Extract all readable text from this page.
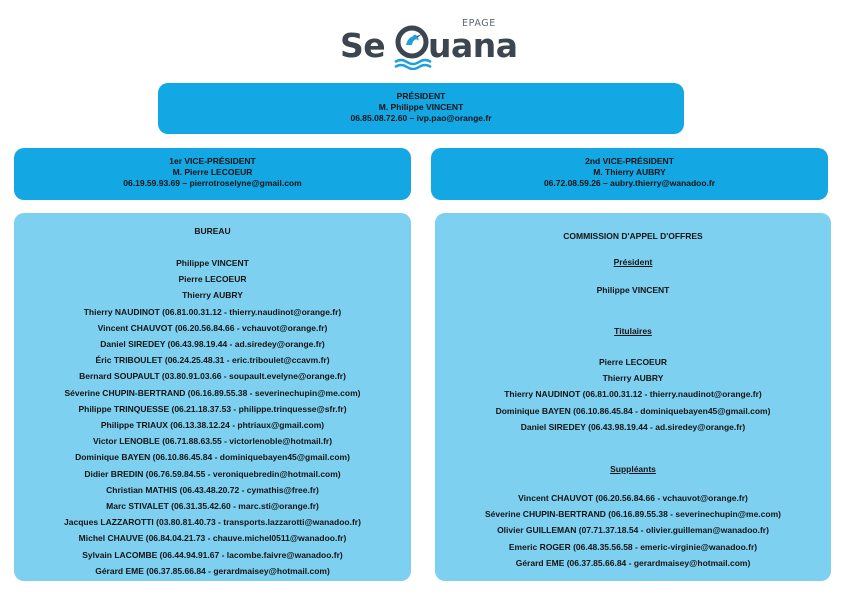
Se uana
EPAGE
PRÉSIDENT
M. Philippe VINCENT
06.85.08.72.60 – ivp.pao@orange.fr
1er VICE-PRÉSIDENT
M. Pierre LECOEUR
06.19.59.93.69 – pierrotroselyne@gmail.com
2nd VICE-PRÉSIDENT
M. Thierry AUBRY
06.72.08.59.26 – aubry.thierry@wanadoo.fr
BUREAU
Philippe VINCENT
Pierre LECOEUR
Thierry AUBRY
Thierry NAUDINOT (06.81.00.31.12 - thierry.naudinot@orange.fr)
Vincent CHAUVOT (06.20.56.84.66 - vchauvot@orange.fr)
Daniel SIREDEY (06.43.98.19.44 - ad.siredey@orange.fr)
Éric TRIBOULET (06.24.25.48.31 - eric.triboulet@ccavm.fr)
Bernard SOUPAULT (03.80.91.03.66 - soupault.evelyne@orange.fr)
Séverine CHUPIN-BERTRAND (06.16.89.55.38 - severinechupin@me.com)
Philippe TRINQUESSE (06.21.18.37.53 - philippe.trinquesse@sfr.fr)
Philippe TRIAUX (06.13.38.12.24 - phtriaux@gmail.com)
Victor LENOBLE (06.71.88.63.55 - victorlenoble@hotmail.fr)
Dominique BAYEN (06.10.86.45.84 - dominiquebayen45@gmail.com)
Didier BREDIN (06.76.59.84.55 - veroniquebredin@hotmail.com)
Christian MATHIS (06.43.48.20.72 - cymathis@free.fr)
Marc STIVALET (06.31.35.42.60 - marc.sti@orange.fr)
Jacques LAZZAROTTI (03.80.81.40.73 - transports.lazzarotti@wanadoo.fr)
Michel CHAUVE (06.84.04.21.73 - chauve.michel0511@wanadoo.fr)
Sylvain LACOMBE (06.44.94.91.67 - lacombe.faivre@wanadoo.fr)
Gérard EME (06.37.85.66.84 - gerardmaisey@hotmail.com)
COMMISSION D'APPEL D'OFFRES
Président
Philippe VINCENT
Titulaires
Pierre LECOEUR
Thierry AUBRY
Thierry NAUDINOT (06.81.00.31.12 - thierry.naudinot@orange.fr)
Dominique BAYEN (06.10.86.45.84 - dominiquebayen45@gmail.com)
Daniel SIREDEY (06.43.98.19.44 - ad.siredey@orange.fr)
Suppléants
Vincent CHAUVOT (06.20.56.84.66 - vchauvot@orange.fr)
Séverine CHUPIN-BERTRAND (06.16.89.55.38 - severinechupin@me.com)
Olivier GUILLEMAN (07.71.37.18.54 - olivier.guilleman@wanadoo.fr)
Emeric ROGER (06.48.35.56.58 - emeric-virginie@wanadoo.fr)
Gérard EME (06.37.85.66.84 - gerardmaisey@hotmail.com)
